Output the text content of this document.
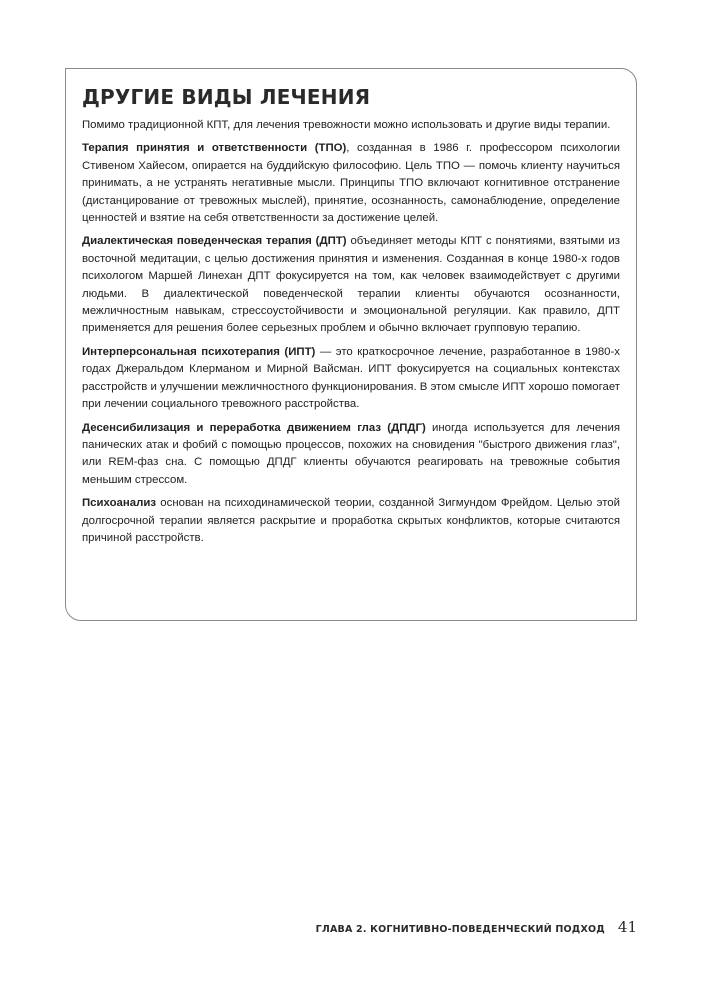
ДРУГИЕ ВИДЫ ЛЕЧЕНИЯ

Помимо традиционной КПТ, для лечения тревожности можно использовать и другие виды терапии.

Терапия принятия и ответственности (ТПО), созданная в 1986 г. профессором психологии Стивеном Хайесом, опирается на буддийскую философию. Цель ТПО — помочь клиенту научиться принимать, а не устранять негативные мысли. Принципы ТПО включают когнитивное отстранение (дистанцирование от тревожных мыслей), принятие, осознанность, самонаблюдение, определение ценностей и взятие на себя ответственности за достижение целей.

Диалектическая поведенческая терапия (ДПТ) объединяет методы КПТ с понятиями, взятыми из восточной медитации, с целью достижения принятия и изменения. Созданная в конце 1980-х годов психологом Маршей Линехан ДПТ фокусируется на том, как человек взаимодействует с другими людьми. В диалектической поведенческой терапии клиенты обучаются осознанности, межличностным навыкам, стрессоустойчивости и эмоциональной регуляции. Как правило, ДПТ применяется для решения более серьезных проблем и обычно включает групповую терапию.

Интерперсональная психотерапия (ИПТ) — это краткосрочное лечение, разработанное в 1980-х годах Джеральдом Клерманом и Мирной Вайсман. ИПТ фокусируется на социальных контекстах расстройств и улучшении межличностного функционирования. В этом смысле ИПТ хорошо помогает при лечении социального тревожного расстройства.

Десенсибилизация и переработка движением глаз (ДПДГ) иногда используется для лечения панических атак и фобий с помощью процессов, похожих на сновидения "быстрого движения глаз", или REM-фаз сна. С помощью ДПДГ клиенты обучаются реагировать на тревожные события меньшим стрессом.

Психоанализ основан на психодинамической теории, созданной Зигмундом Фрейдом. Целью этой долгосрочной терапии является раскрытие и проработка скрытых конфликтов, которые считаются причиной расстройств.

ГЛАВА 2. КОГНИТИВНО-ПОВЕДЕНЧЕСКИЙ ПОДХОД 41
